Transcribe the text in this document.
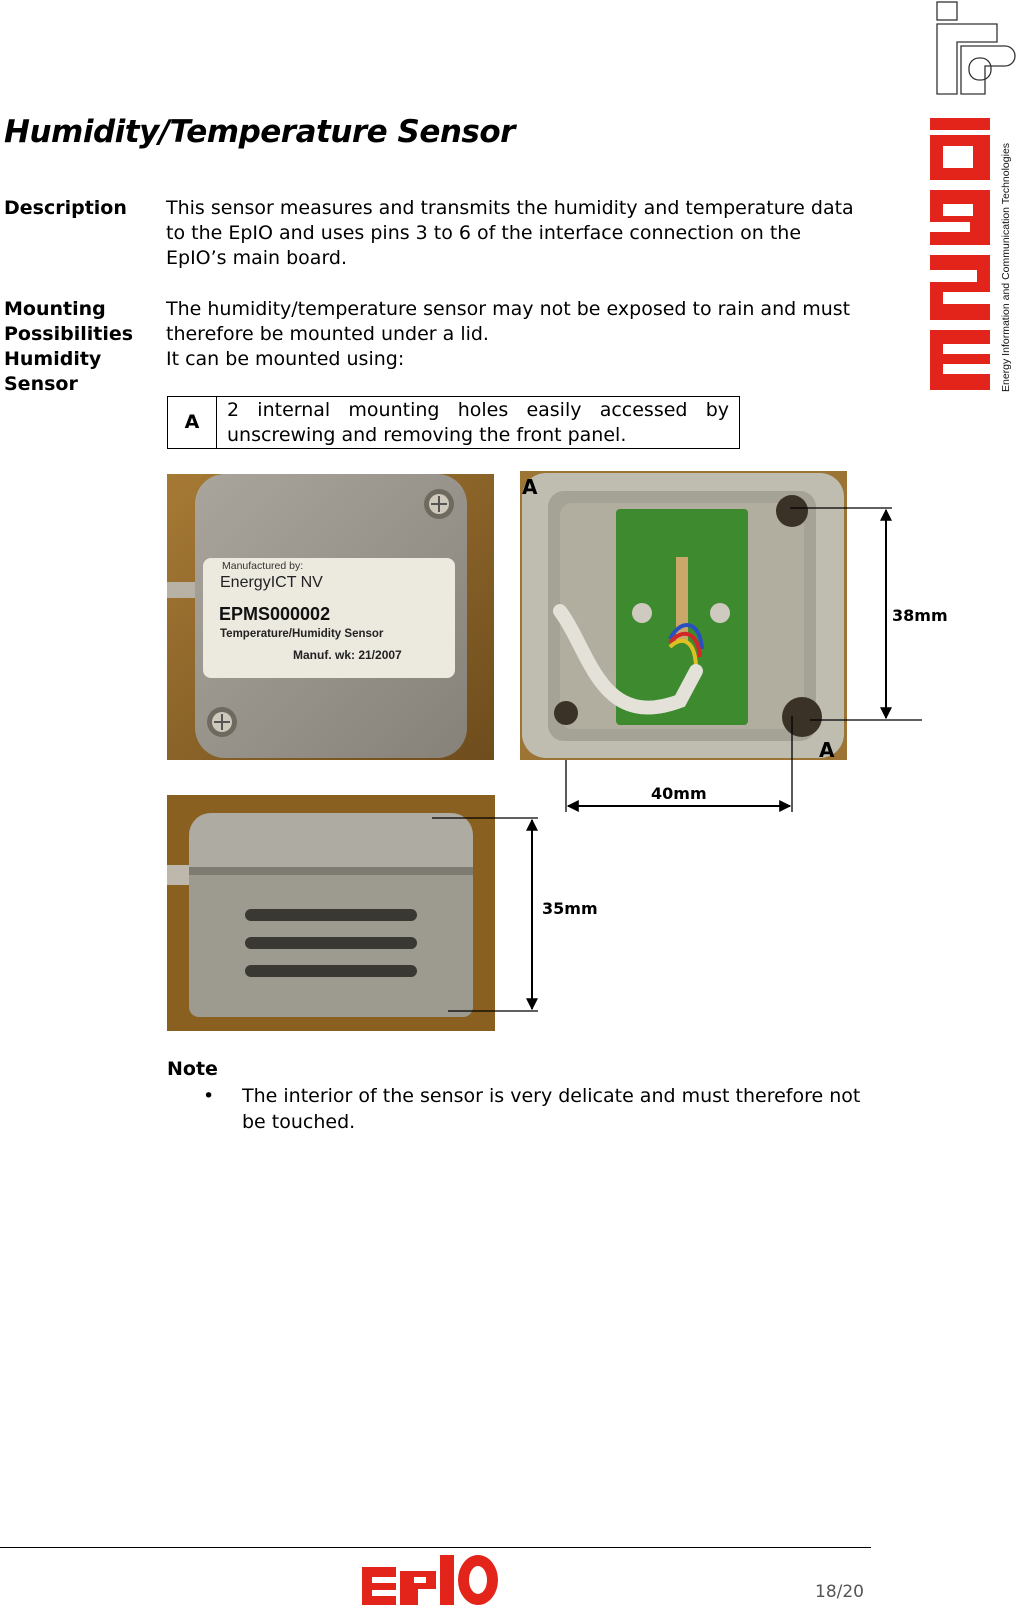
Energy Information and Communication Technologies
Humidity/Temperature Sensor
Description This sensor measures and transmits the humidity and temperature data to the EpIO and uses pins 3 to 6 of the interface connection on the EpIO’s main board.
Mounting
Possibilities
Humidity
Sensor
The humidity/temperature sensor may not be exposed to rain and must therefore be mounted under a lid.
It can be mounted using:
A	2 internal mounting holes easily accessed by unscrewing and removing the front panel.
Manufactured by:
EnergyICT NV
EPMS000002
Temperature/Humidity Sensor
Manuf. wk: 21/2007
A
A
38mm
40mm
35mm
Note
• The interior of the sensor is very delicate and must therefore not be touched.
EPIO
18/20
